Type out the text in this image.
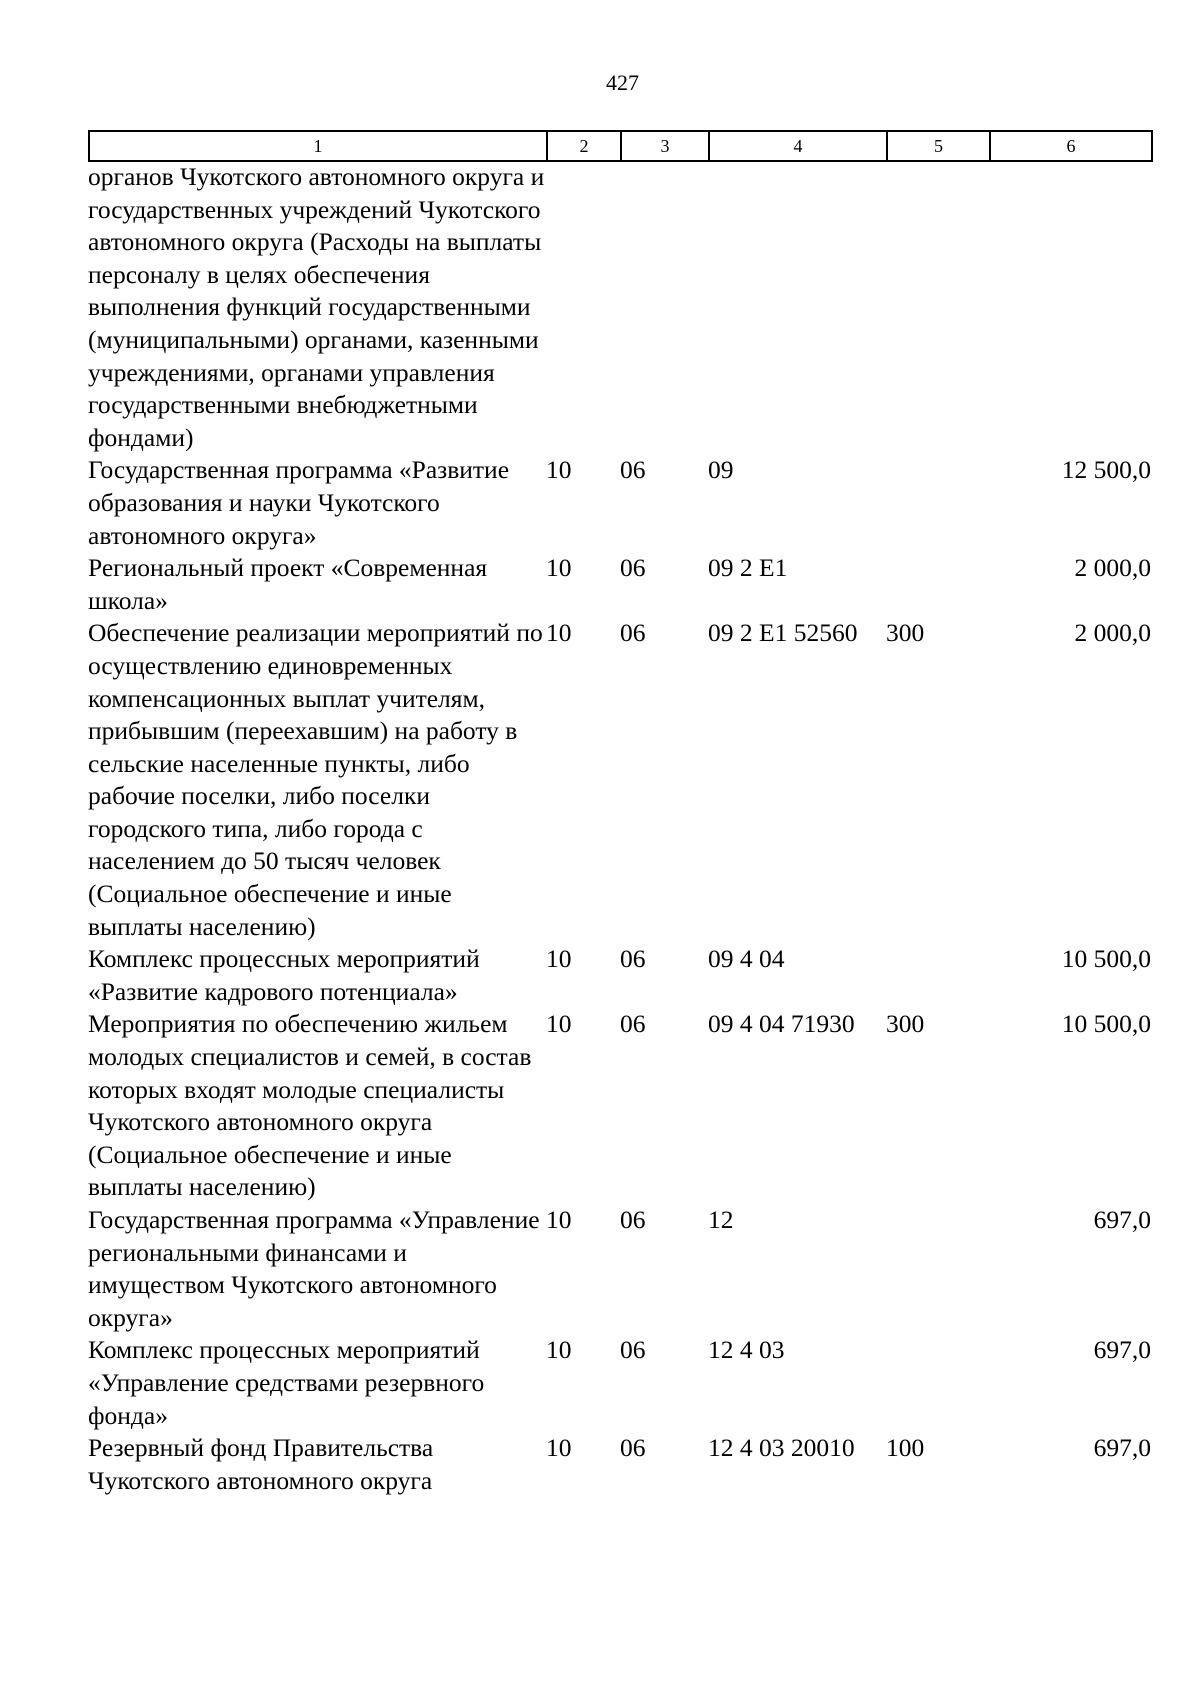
427
1	2	3	4	5	6
органов Чукотского автономного округа и государственных учреждений Чукотского автономного округа (Расходы на выплаты персоналу в целях обеспечения выполнения функций государственными (муниципальными) органами, казенными учреждениями, органами управления государственными внебюджетными фондами)					
Государственная программа «Развитие образования и науки Чукотского автономного округа»	10	06	09		12 500,0
Региональный проект «Современная школа»	10	06	09 2 E1		2 000,0
Обеспечение реализации мероприятий по осуществлению единовременных компенсационных выплат учителям, прибывшим (переехавшим) на работу в сельские населенные пункты, либо рабочие поселки, либо поселки городского типа, либо города с населением до 50 тысяч человек (Социальное обеспечение и иные выплаты населению)	10	06	09 2 E1 52560	300	2 000,0
Комплекс процессных мероприятий «Развитие кадрового потенциала»	10	06	09 4 04		10 500,0
Мероприятия по обеспечению жильем молодых специалистов и семей, в состав которых входят молодые специалисты Чукотского автономного округа (Социальное обеспечение и иные выплаты населению)	10	06	09 4 04 71930	300	10 500,0
Государственная программа «Управление региональными финансами и имуществом Чукотского автономного округа»	10	06	12		697,0
Комплекс процессных мероприятий «Управление средствами резервного фонда»	10	06	12 4 03		697,0
Резервный фонд Правительства Чукотского автономного округа	10	06	12 4 03 20010	100	697,0
